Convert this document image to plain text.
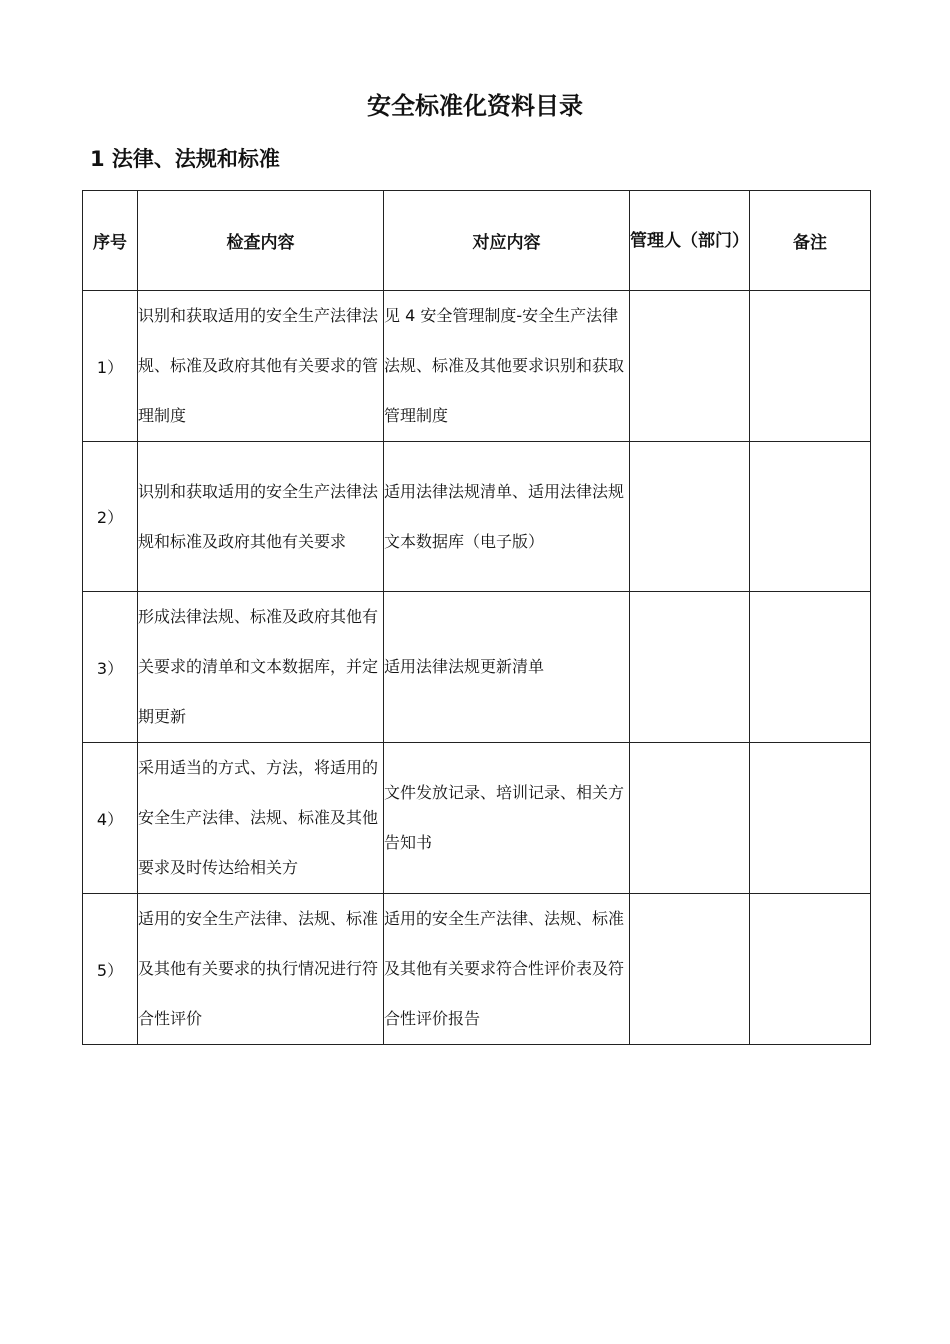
安全标准化资料目录
1 法律、法规和标准
序号	检查内容	对应内容	管理人（部门）	备注
1）	识别和获取适用的安全生产法律法规、标准及政府其他有关要求的管理制度	见 4 安全管理制度-安全生产法律法规、标准及其他要求识别和获取管理制度		
2）	识别和获取适用的安全生产法律法规和标准及政府其他有关要求	适用法律法规清单、适用法律法规文本数据库（电子版）		
3）	形成法律法规、标准及政府其他有关要求的清单和文本数据库，并定期更新	适用法律法规更新清单		
4）	采用适当的方式、方法，将适用的安全生产法律、法规、标准及其他要求及时传达给相关方	文件发放记录、培训记录、相关方告知书		
5）	适用的安全生产法律、法规、标准及其他有关要求的执行情况进行符合性评价	适用的安全生产法律、法规、标准及其他有关要求符合性评价表及符合性评价报告		
